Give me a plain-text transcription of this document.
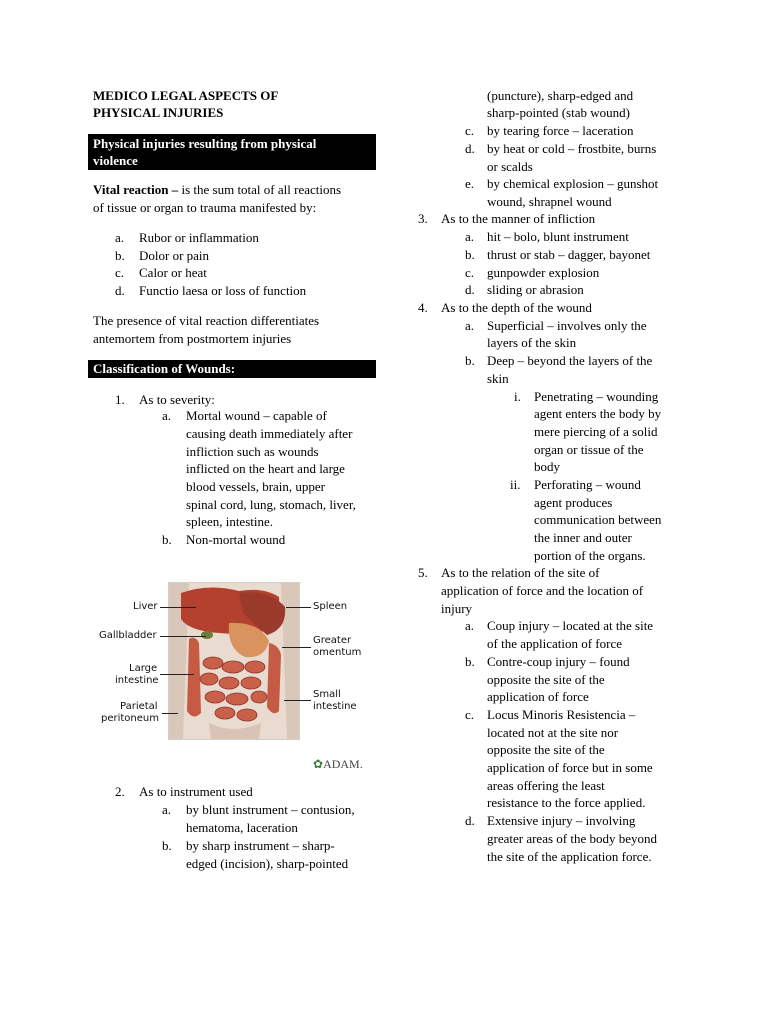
MEDICO LEGAL ASPECTS OF
PHYSICAL INJURIES
Physical injuries resulting from physical
violence
Vital reaction – is the sum total of all reactions
of tissue or organ to trauma manifested by:
a. Rubor or inflammation
b. Dolor or pain
c. Calor or heat
d. Functio laesa or loss of function
The presence of vital reaction differentiates
antemortem from postmortem injuries
Classification of Wounds:
1. As to severity:
a. Mortal wound – capable of
causing death immediately after
infliction such as wounds
inflicted on the heart and large
blood vessels, brain, upper
spinal cord, lung, stomach, liver,
spleen, intestine.
b. Non-mortal wound
Liver
Gallbladder
Large
intestine
Parietal
peritoneum
Spleen
Greater
omentum
Small
intestine
✿ADAM.
2. As to instrument used
a. by blunt instrument – contusion,
hematoma, laceration
b. by sharp instrument – sharp-
edged (incision), sharp-pointed
(puncture), sharp-edged and
sharp-pointed (stab wound)
c. by tearing force – laceration
d. by heat or cold – frostbite, burns
or scalds
e. by chemical explosion – gunshot
wound, shrapnel wound
3. As to the manner of infliction
a. hit – bolo, blunt instrument
b. thrust or stab – dagger, bayonet
c. gunpowder explosion
d. sliding or abrasion
4. As to the depth of the wound
a. Superficial – involves only the
layers of the skin
b. Deep – beyond the layers of the
skin
i. Penetrating – wounding
agent enters the body by
mere piercing of a solid
organ or tissue of the
body
ii. Perforating – wound
agent produces
communication between
the inner and outer
portion of the organs.
5. As to the relation of the site of
application of force and the location of
injury
a. Coup injury – located at the site
of the application of force
b. Contre-coup injury – found
opposite the site of the
application of force
c. Locus Minoris Resistencia –
located not at the site nor
opposite the site of the
application of force but in some
areas offering the least
resistance to the force applied.
d. Extensive injury – involving
greater areas of the body beyond
the site of the application force.
